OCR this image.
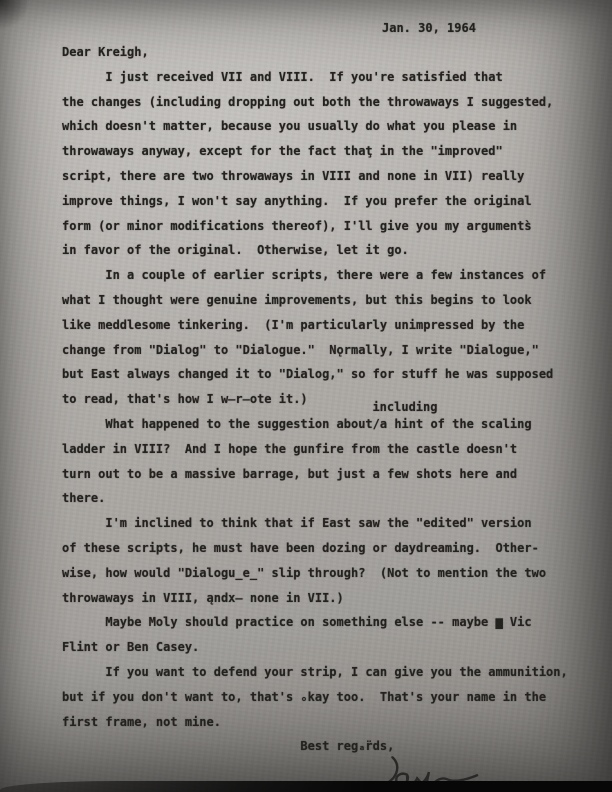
Jan. 30, 1964
Dear Kreigh,
I just received VII and VIII.  If you're satisfied that
the changes (including dropping out both the throwaways I suggested,
which doesn't matter, because you usually do what you please in
throwaways anyway, except for the fact thaţ in the "improved"
script, there are two throwaways in VIII and none in VII) really
improve things, I won't say anything.  If you prefer the original
form (or minor modifications thereof), I'll give you my arguments̀
in favor of the original.  Otherwise, let it go.
In a couple of earlier scripts, there were a few instances of
what I thought were genuine improvements, but this begins to look
like meddlesome tinkering.  (I'm particularly unimpressed by the
change from "Dialog" to "Dialogue."  Nǫrmally, I write "Dialogue,"
but East always changed it to "Dialog," so for stuff he was supposed
to read, that's how I w̶r̶ote it.)
What happened to the suggestion about/a hint of the scaling
including
ladder in VIII?  And I hope the gunfire from the castle doesn't
turn out to be a massive barrage, but just a few shots here and
there.
I'm inclined to think that if East saw the "edited" version
of these scripts, he must have been dozing or daydreaming.  Other-
wise, how would "Dialogu̲e̲" slip through?  (Not to mention the two
throwaways in VIII, ąndx̶ none in VII.)
Maybe Moly should practice on something else -- maybe ▆ Vic
Flint or Ben Casey.
If you want to defend your strip, I can give you the ammunition,
but if you don't want to, that's ₒkay too.  That's your name in the
first frame, not mine.
Best regₐr̈ds,
